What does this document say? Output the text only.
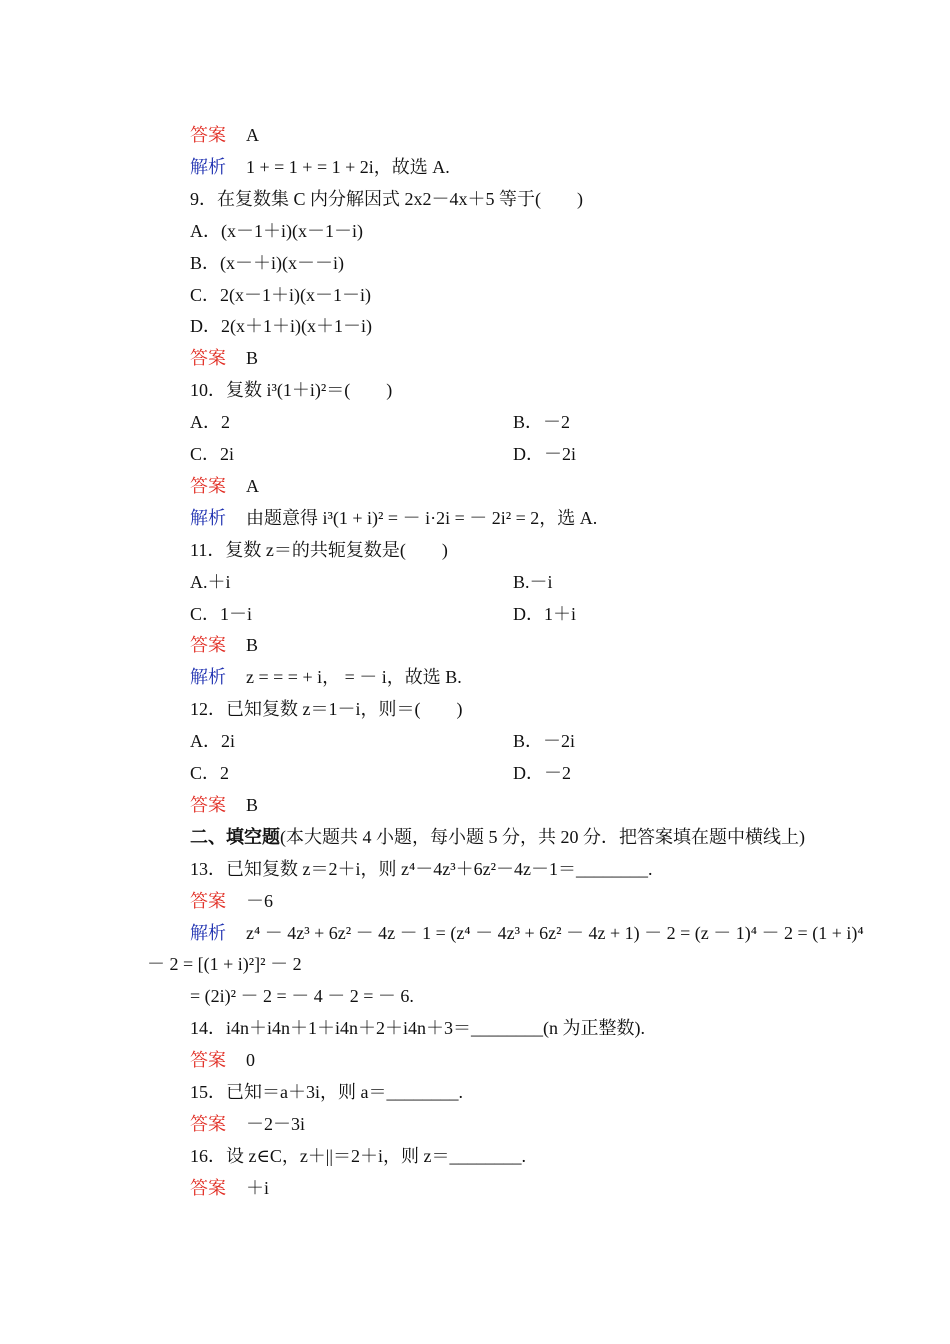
答案 A
解析 1 + = 1 + = 1 + 2i，故选 A.
9．在复数集 C 内分解因式 2x2－4x＋5 等于(　　)
A．(x－1＋i)(x－1－i)
B．(x－＋i)(x－－i)
C．2(x－1＋i)(x－1－i)
D．2(x＋1＋i)(x＋1－i)
答案 B
10．复数 i³(1＋i)²＝(　　)
A．2	B．－2
C．2i	D．－2i
答案 A
解析 由题意得 i³(1 + i)² = － i·2i = － 2i² = 2，选 A.
11．复数 z＝的共轭复数是(　　)
A.＋i	B.－i
C．1－i	D．1＋i
答案 B
解析 z = = = + i， = － i，故选 B.
12．已知复数 z＝1－i，则＝(　　)
A．2i	B．－2i
C．2	D．－2
答案 B
二、填空题(本大题共 4 小题，每小题 5 分，共 20 分．把答案填在题中横线上)
13．已知复数 z＝2＋i，则 z⁴－4z³＋6z²－4z－1＝________.
答案 －6
解析 z⁴ － 4z³ + 6z² － 4z － 1 = (z⁴ － 4z³ + 6z² － 4z + 1) － 2 = (z － 1)⁴ － 2 = (1 + i)⁴
－ 2 = [(1 + i)²]² － 2
= (2i)² － 2 = － 4 － 2 = － 6.
14．i4n＋i4n＋1＋i4n＋2＋i4n＋3＝________(n 为正整数).
答案 0
15．已知＝a＋3i，则 a＝________.
答案 －2－3i
16．设 z∈C，z＋||＝2＋i，则 z＝________.
答案 ＋i
